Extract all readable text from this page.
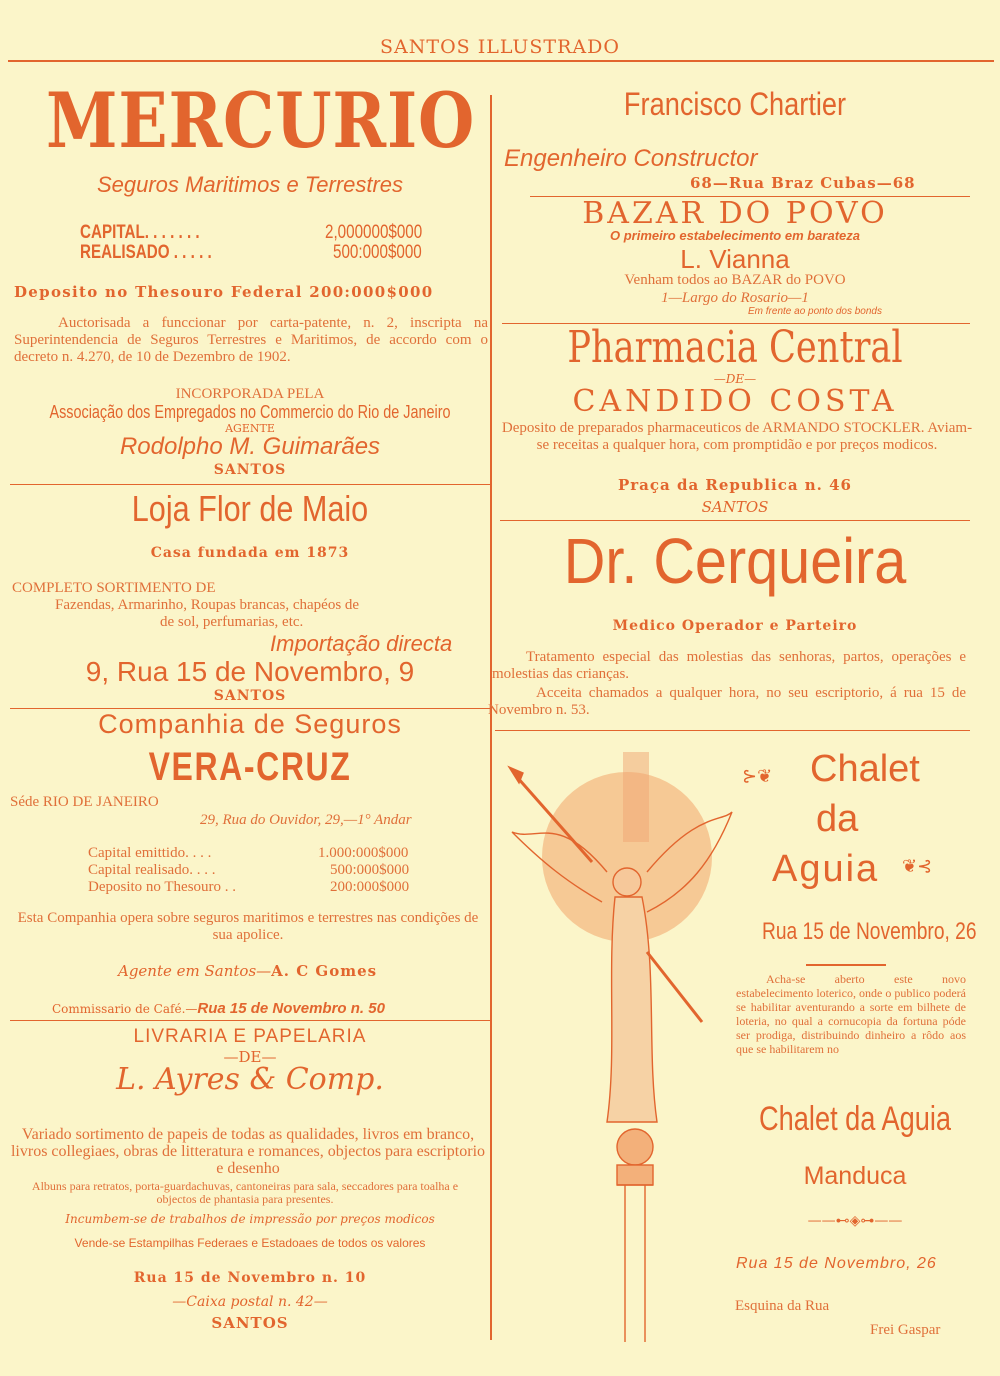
SANTOS ILLUSTRADO
MERCURIO
Seguros Maritimos e Terrestres
CAPITAL. . . . . . .	2,000000$000
REALISADO . . . . .	500:000$000
Deposito no Thesouro Federal 200:000$000
Auctorisada a funccionar por carta-patente, n. 2, inscripta na Superintendencia de Seguros Terrestres e Maritimos, de accordo com o decreto n. 4.270, de 10 de Dezembro de 1902.
INCORPORADA PELA
Associação dos Empregados no Commercio do Rio de Janeiro
AGENTE
Rodolpho M. Guimarães
SANTOS
Loja Flor de Maio
Casa fundada em 1873
COMPLETO SORTIMENTO DE
Fazendas, Armarinho, Roupas brancas, chapéos de
de sol, perfumarias, etc.
Importação directa
9, Rua 15 de Novembro, 9
SANTOS
Companhia de Seguros
VERA-CRUZ
Séde RIO DE JANEIRO
29, Rua do Ouvidor, 29,—1° Andar
Capital emittido. . . .	1.000:000$000
Capital realisado. . . .	500:000$000
Deposito no Thesouro . .	200:000$000
Esta Companhia opera sobre seguros maritimos e terrestres nas condições de sua apolice.
Agente em Santos—A. C Gomes
Commissario de Café.—Rua 15 de Novembro n. 50
LIVRARIA E PAPELARIA
—DE—
L. Ayres & Comp.
Variado sortimento de papeis de todas as qualidades, livros em branco, livros collegiaes, obras de litteratura e romances, objectos para escriptorio e desenho
Albuns para retratos, porta-guardachuvas, cantoneiras para sala, seccadores para toalha e objectos de phantasia para presentes.
Incumbem-se de trabalhos de impressão por preços modicos
Vende-se Estampilhas Federaes e Estadoaes de todos os valores
Rua 15 de Novembro n. 10
—Caixa postal n. 42—
SANTOS
Francisco Chartier
Engenheiro Constructor
68—Rua Braz Cubas—68
BAZAR DO POVO
O primeiro estabelecimento em barateza
L. Vianna
Venham todos ao BAZAR do POVO
1—Largo do Rosario—1
Em frente ao ponto dos bonds
Pharmacia Central
—DE—
CANDIDO COSTA
Deposito de preparados pharmaceuticos de ARMANDO STOCKLER. Aviam-se receitas a qualquer hora, com promptidão e por preços modicos.
Praça da Republica n. 46
SANTOS
Dr. Cerqueira
Medico Operador e Parteiro
Tratamento especial das molestias das senhoras, partos, operações e molestias das crianças.
Acceita chamados a qualquer hora, no seu escriptorio, á rua 15 de Novembro n. 53.
⊱❦ Chalet
da
Aguia ❦⊰
Rua 15 de Novembro, 26
Acha-se aberto este novo estabelecimento loterico, onde o publico poderá se habilitar aventurando a sorte em bilhete de loteria, no qual a cornucopia da fortuna póde ser prodiga, distribuindo dinheiro a rôdo aos que se habilitarem no
Chalet da Aguia
Manduca
——⊷◈⊶——
Rua 15 de Novembro, 26
Esquina da Rua
Frei Gaspar
